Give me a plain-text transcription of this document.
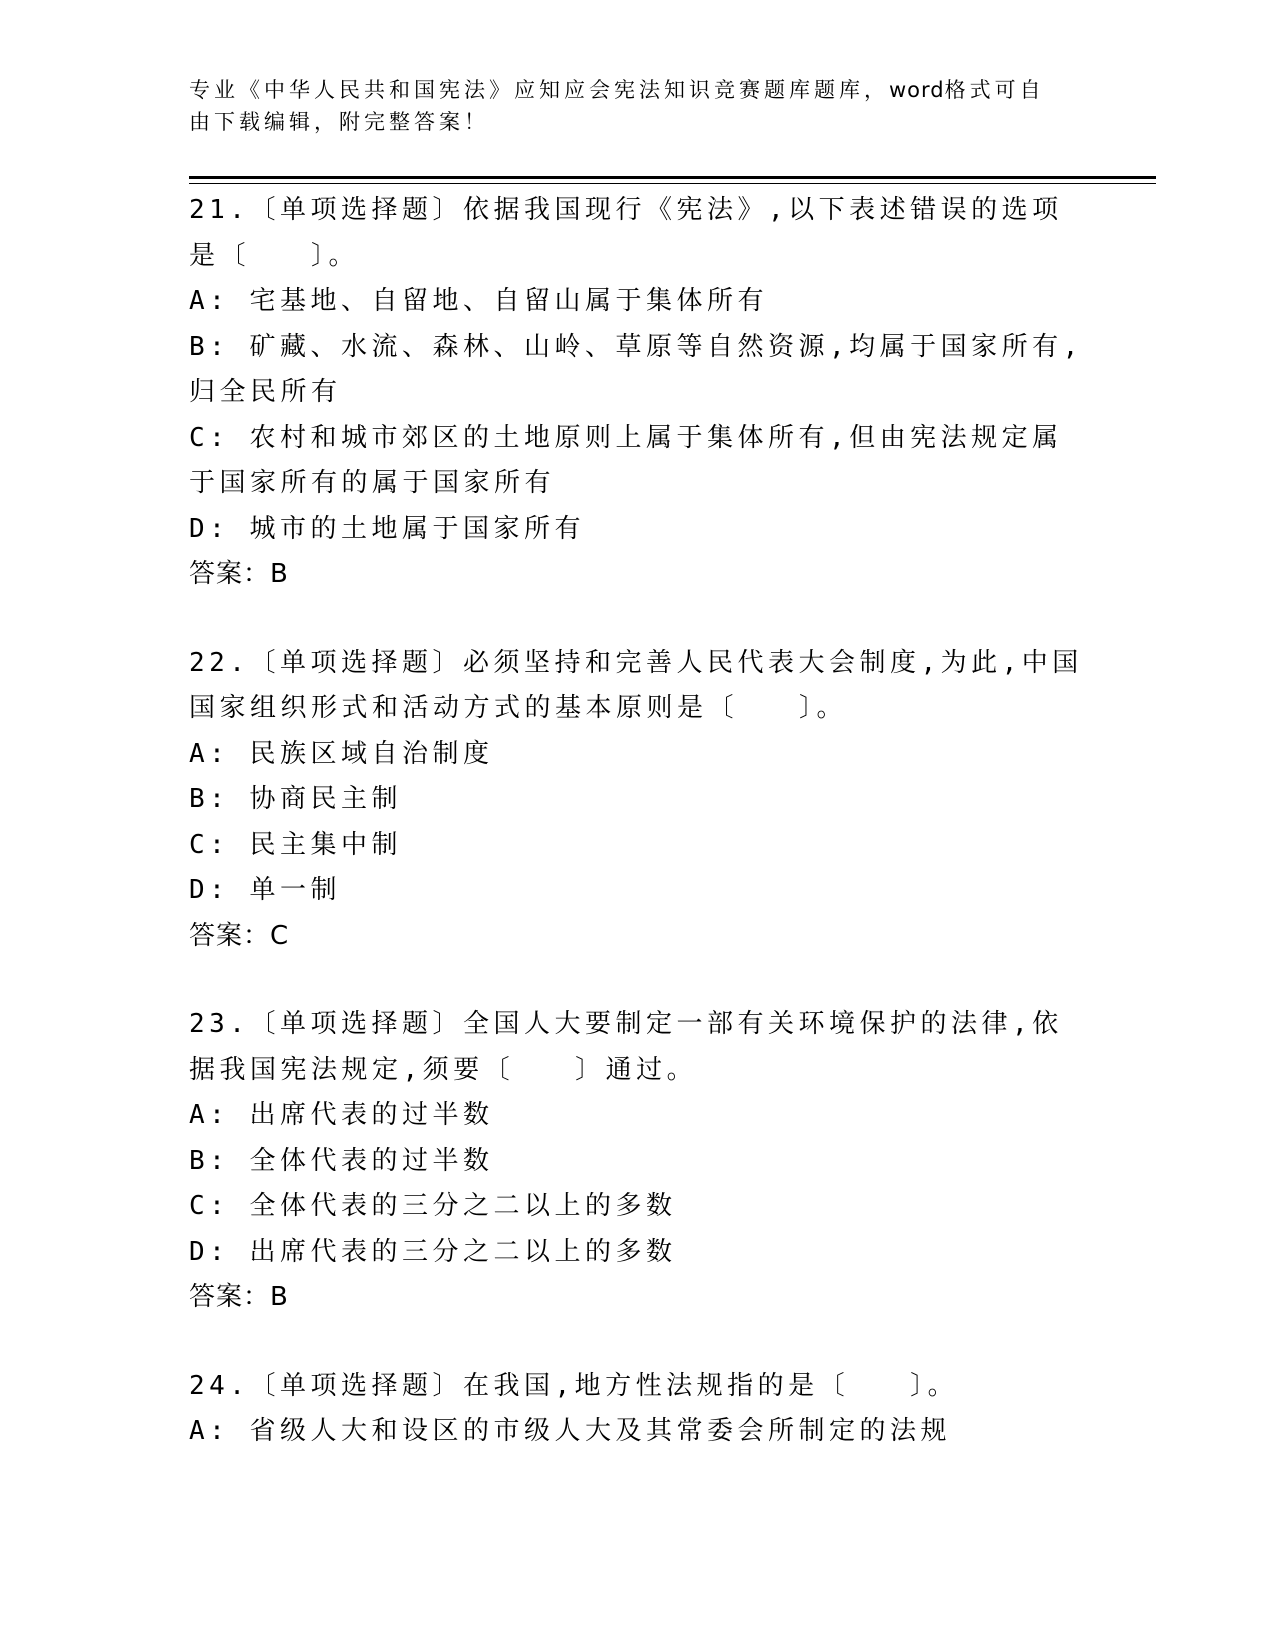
专业《中华人民共和国宪法》应知应会宪法知识竞赛题库题库，word格式可自由下载编辑，附完整答案！
21.〔单项选择题〕依据我国现行《宪法》,以下表述错误的选项是〔　　〕。
A: 宅基地、自留地、自留山属于集体所有
B: 矿藏、水流、森林、山岭、草原等自然资源,均属于国家所有,归全民所有
C: 农村和城市郊区的土地原则上属于集体所有,但由宪法规定属于国家所有的属于国家所有
D: 城市的土地属于国家所有
答案：B
22.〔单项选择题〕必须坚持和完善人民代表大会制度,为此,中国国家组织形式和活动方式的基本原则是〔　　〕。
A: 民族区域自治制度
B: 协商民主制
C: 民主集中制
D: 单一制
答案：C
23.〔单项选择题〕全国人大要制定一部有关环境保护的法律,依据我国宪法规定,须要〔　　〕通过。
A: 出席代表的过半数
B: 全体代表的过半数
C: 全体代表的三分之二以上的多数
D: 出席代表的三分之二以上的多数
答案：B
24.〔单项选择题〕在我国,地方性法规指的是〔　　〕。
A: 省级人大和设区的市级人大及其常委会所制定的法规
